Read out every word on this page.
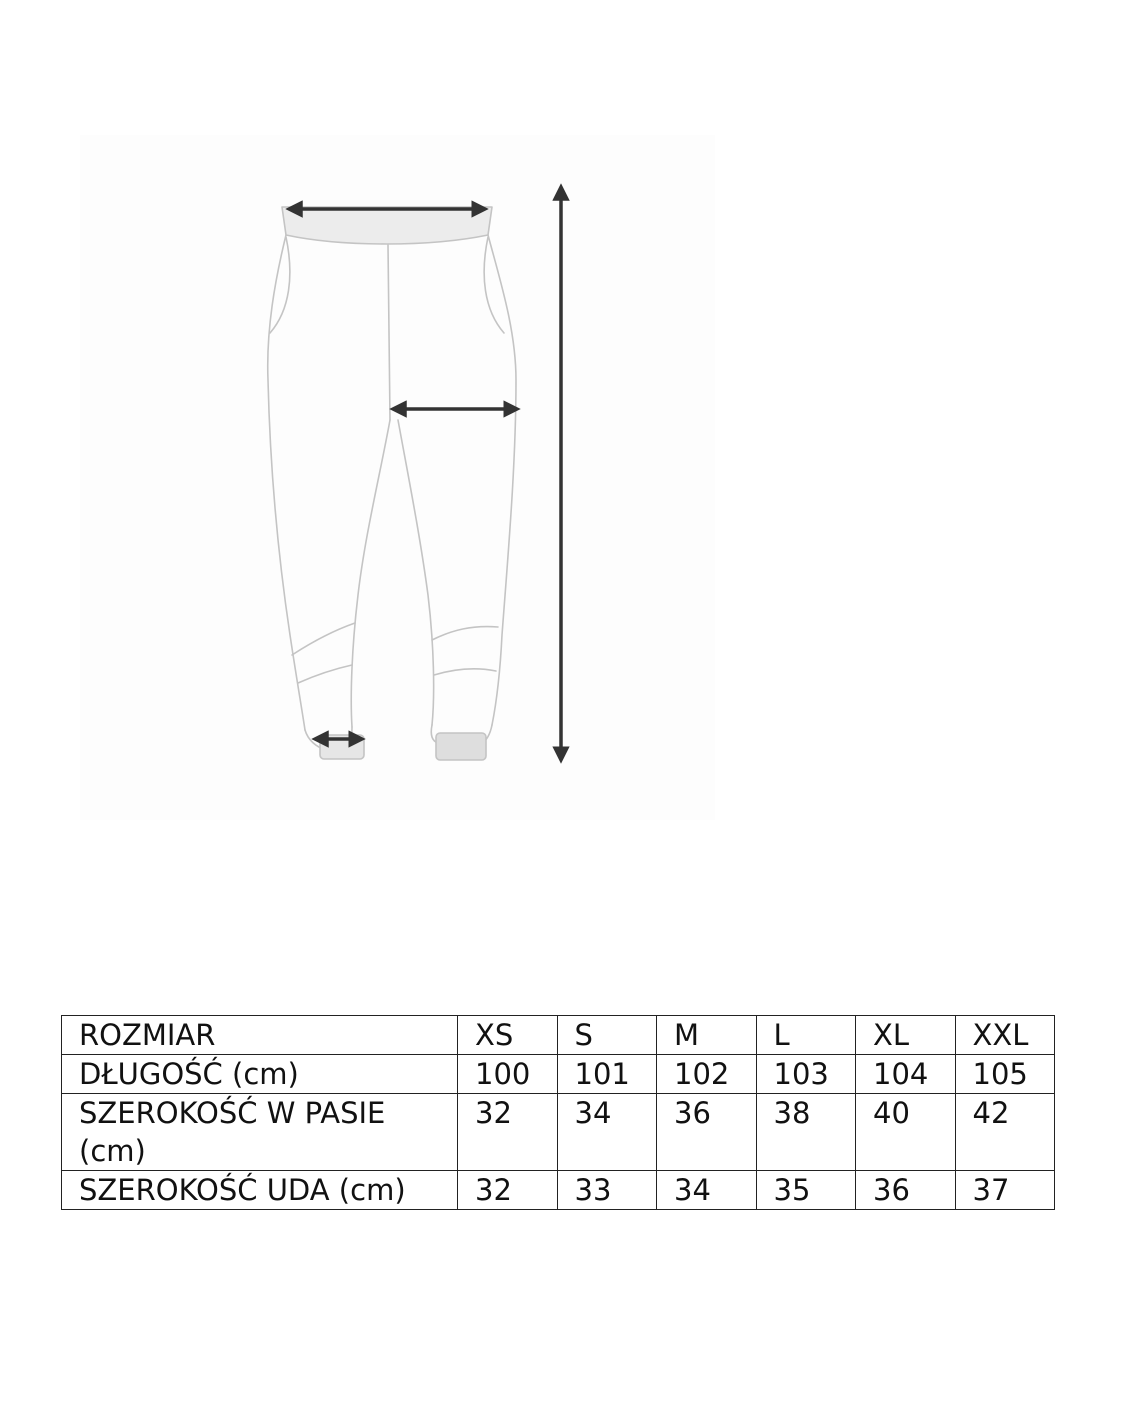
ROZMIAR	XS	S	M	L	XL	XXL
DŁUGOŚĆ (cm)	100	101	102	103	104	105
SZEROKOŚĆ W PASIE (cm)	32	34	36	38	40	42
SZEROKOŚĆ UDA (cm)	32	33	34	35	36	37
